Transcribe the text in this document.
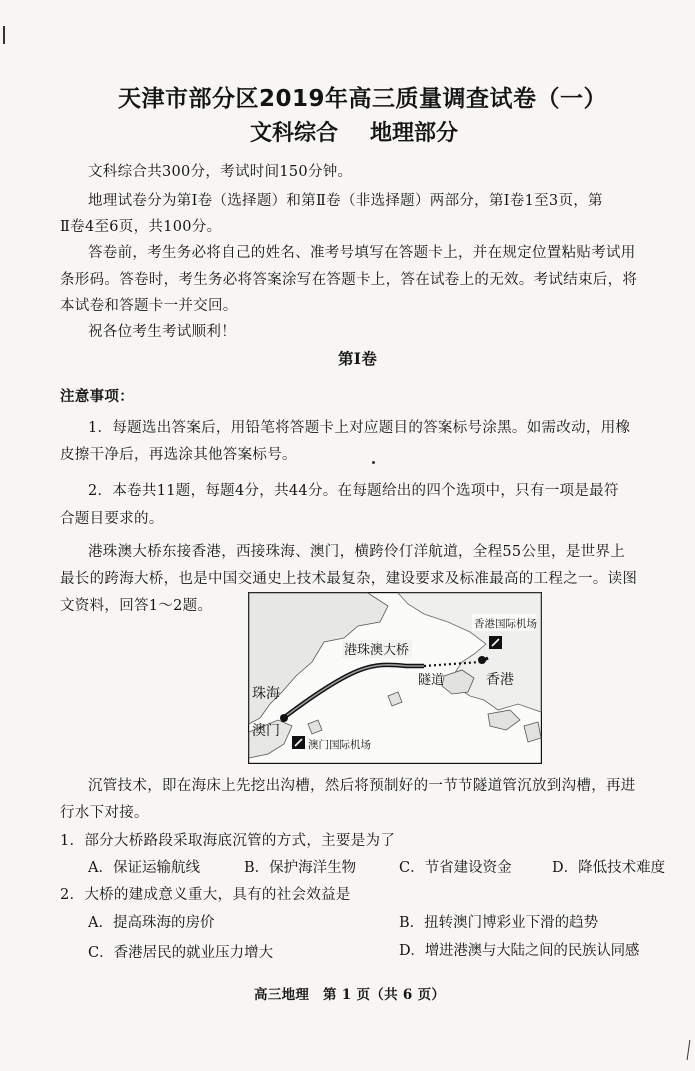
天津市部分区2019年高三质量调查试卷（一）
文科综合 地理部分
文科综合共300分，考试时间150分钟。
地理试卷分为第Ⅰ卷（选择题）和第Ⅱ卷（非选择题）两部分，第Ⅰ卷1至3页，第
Ⅱ卷4至6页，共100分。
答卷前，考生务必将自己的姓名、准考号填写在答题卡上，并在规定位置粘贴考试用
条形码。答卷时，考生务必将答案涂写在答题卡上，答在试卷上的无效。考试结束后，将
本试卷和答题卡一并交回。
祝各位考生考试顺利！
第Ⅰ卷
注意事项：
1．每题选出答案后，用铅笔将答题卡上对应题目的答案标号涂黑。如需改动，用橡
皮擦干净后，再选涂其他答案标号。
2．本卷共11题，每题4分，共44分。在每题给出的四个选项中，只有一项是最符
合题目要求的。
港珠澳大桥东接香港，西接珠海、澳门，横跨伶仃洋航道，全程55公里，是世界上
最长的跨海大桥，也是中国交通史上技术最复杂，建设要求及标准最高的工程之一。读图
文资料，回答1～2题。
香港国际机场
澳门国际机场
港珠澳大桥
隧道	香港
珠海
澳门
沉管技术，即在海床上先挖出沟槽，然后将预制好的一节节隧道管沉放到沟槽，再进
行水下对接。
1．部分大桥路段采取海底沉管的方式，主要是为了
A．保证运输航线	B．保护海洋生物	C．节省建设资金	D．降低技术难度
2．大桥的建成意义重大，具有的社会效益是
A．提高珠海的房价	B．扭转澳门博彩业下滑的趋势
C．香港居民的就业压力增大	D．增进港澳与大陆之间的民族认同感
高三地理　第 1 页（共 6 页）
